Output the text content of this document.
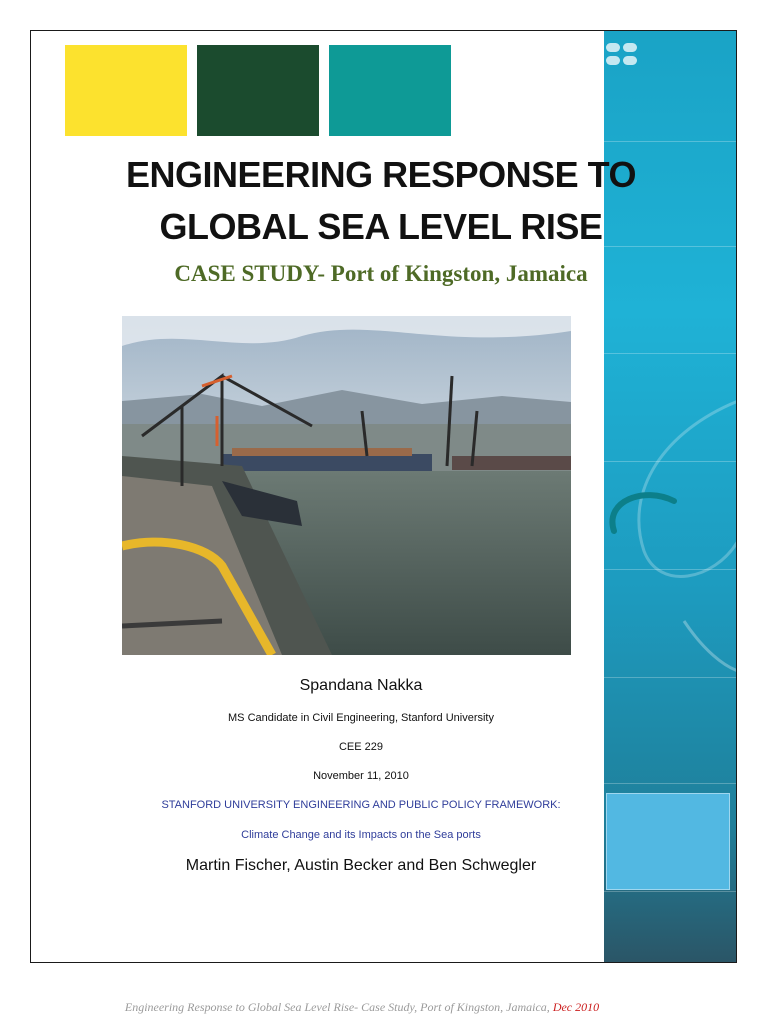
ENGINEERING RESPONSE TO
GLOBAL SEA LEVEL RISE
CASE STUDY- Port of Kingston, Jamaica

Spandana Nakka

MS Candidate in Civil Engineering, Stanford University

CEE 229

November 11, 2010

STANFORD UNIVERSITY ENGINEERING AND PUBLIC POLICY FRAMEWORK:

Climate Change and its Impacts on the Sea ports

Martin Fischer, Austin Becker and Ben Schwegler

Engineering Response to Global Sea Level Rise- Case Study, Port of Kingston, Jamaica, Dec 2010
